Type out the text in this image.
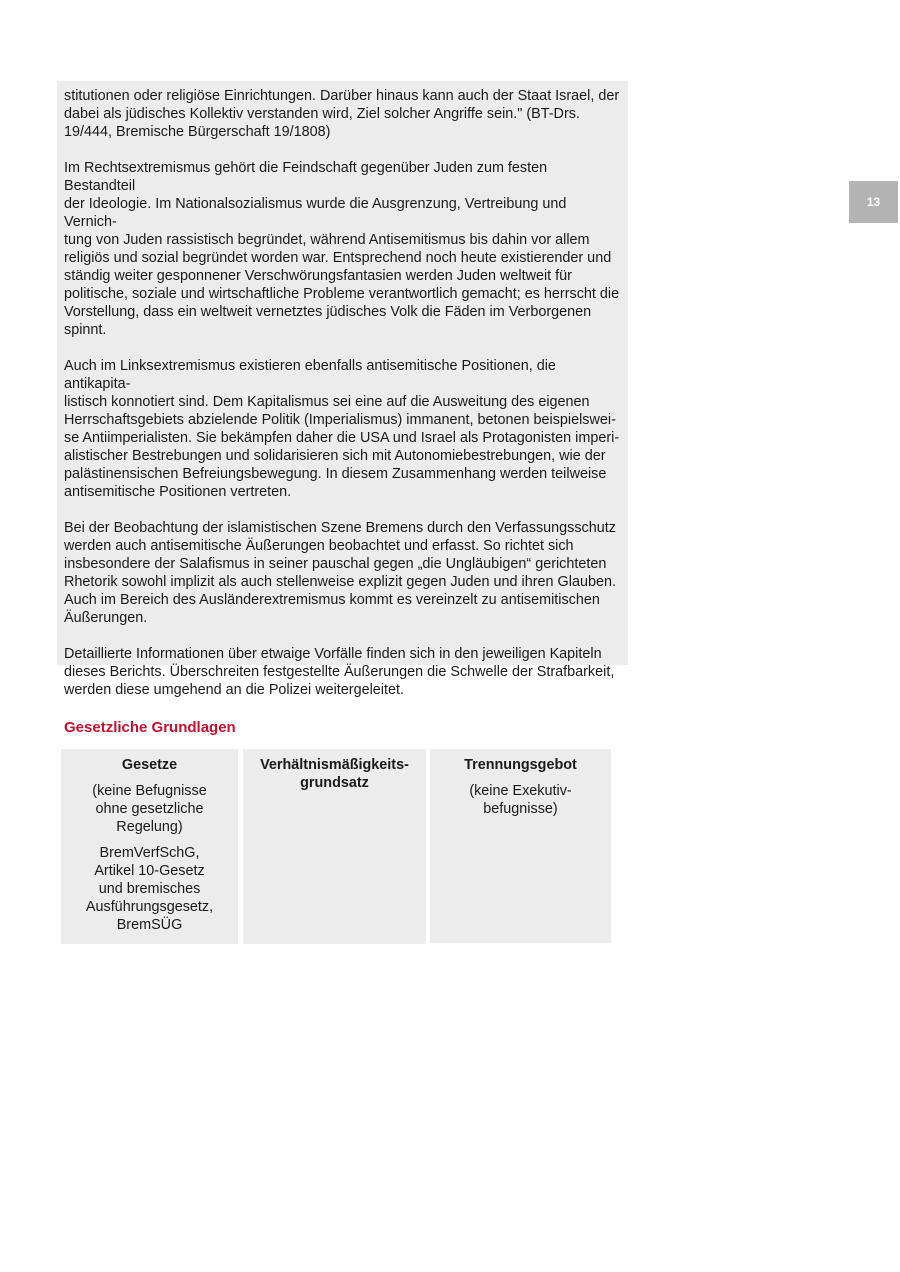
stitutionen oder religiöse Einrichtungen. Darüber hinaus kann auch der Staat Israel, der
dabei als jüdisches Kollektiv verstanden wird, Ziel solcher Angriffe sein." (BT-Drs.
19/444, Bremische Bürgerschaft 19/1808)

Im Rechtsextremismus gehört die Feindschaft gegenüber Juden zum festen Bestandteil
der Ideologie. Im Nationalsozialismus wurde die Ausgrenzung, Vertreibung und Vernich-
tung von Juden rassistisch begründet, während Antisemitismus bis dahin vor allem
religiös und sozial begründet worden war. Entsprechend noch heute existierender und
ständig weiter gesponnener Verschwörungsfantasien werden Juden weltweit für
politische, soziale und wirtschaftliche Probleme verantwortlich gemacht; es herrscht die
Vorstellung, dass ein weltweit vernetztes jüdisches Volk die Fäden im Verborgenen
spinnt.

Auch im Linksextremismus existieren ebenfalls antisemitische Positionen, die antikapita-
listisch konnotiert sind. Dem Kapitalismus sei eine auf die Ausweitung des eigenen
Herrschaftsgebiets abzielende Politik (Imperialismus) immanent, betonen beispielswei-
se Antiimperialisten. Sie bekämpfen daher die USA und Israel als Protagonisten imperi-
alistischer Bestrebungen und solidarisieren sich mit Autonomiebestrebungen, wie der
palästinensischen Befreiungsbewegung. In diesem Zusammenhang werden teilweise
antisemitische Positionen vertreten.

Bei der Beobachtung der islamistischen Szene Bremens durch den Verfassungsschutz
werden auch antisemitische Äußerungen beobachtet und erfasst. So richtet sich
insbesondere der Salafismus in seiner pauschal gegen „die Ungläubigen“ gerichteten
Rhetorik sowohl implizit als auch stellenweise explizit gegen Juden und ihren Glauben.
Auch im Bereich des Ausländerextremismus kommt es vereinzelt zu antisemitischen
Äußerungen.

Detaillierte Informationen über etwaige Vorfälle finden sich in den jeweiligen Kapiteln
dieses Berichts. Überschreiten festgestellte Äußerungen die Schwelle der Strafbarkeit,
werden diese umgehend an die Polizei weitergeleitet.

13
Gesetzliche Grundlagen

Gesetze

(keine Befugnisse
ohne gesetzliche
Regelung)

BremVerfSchG,
Artikel 10-Gesetz
und bremisches
Ausführungsgesetz,
BremSÜG

Verhältnismäßigkeits-
grundsatz

Trennungsgebot

(keine Exekutiv-
befugnisse)
